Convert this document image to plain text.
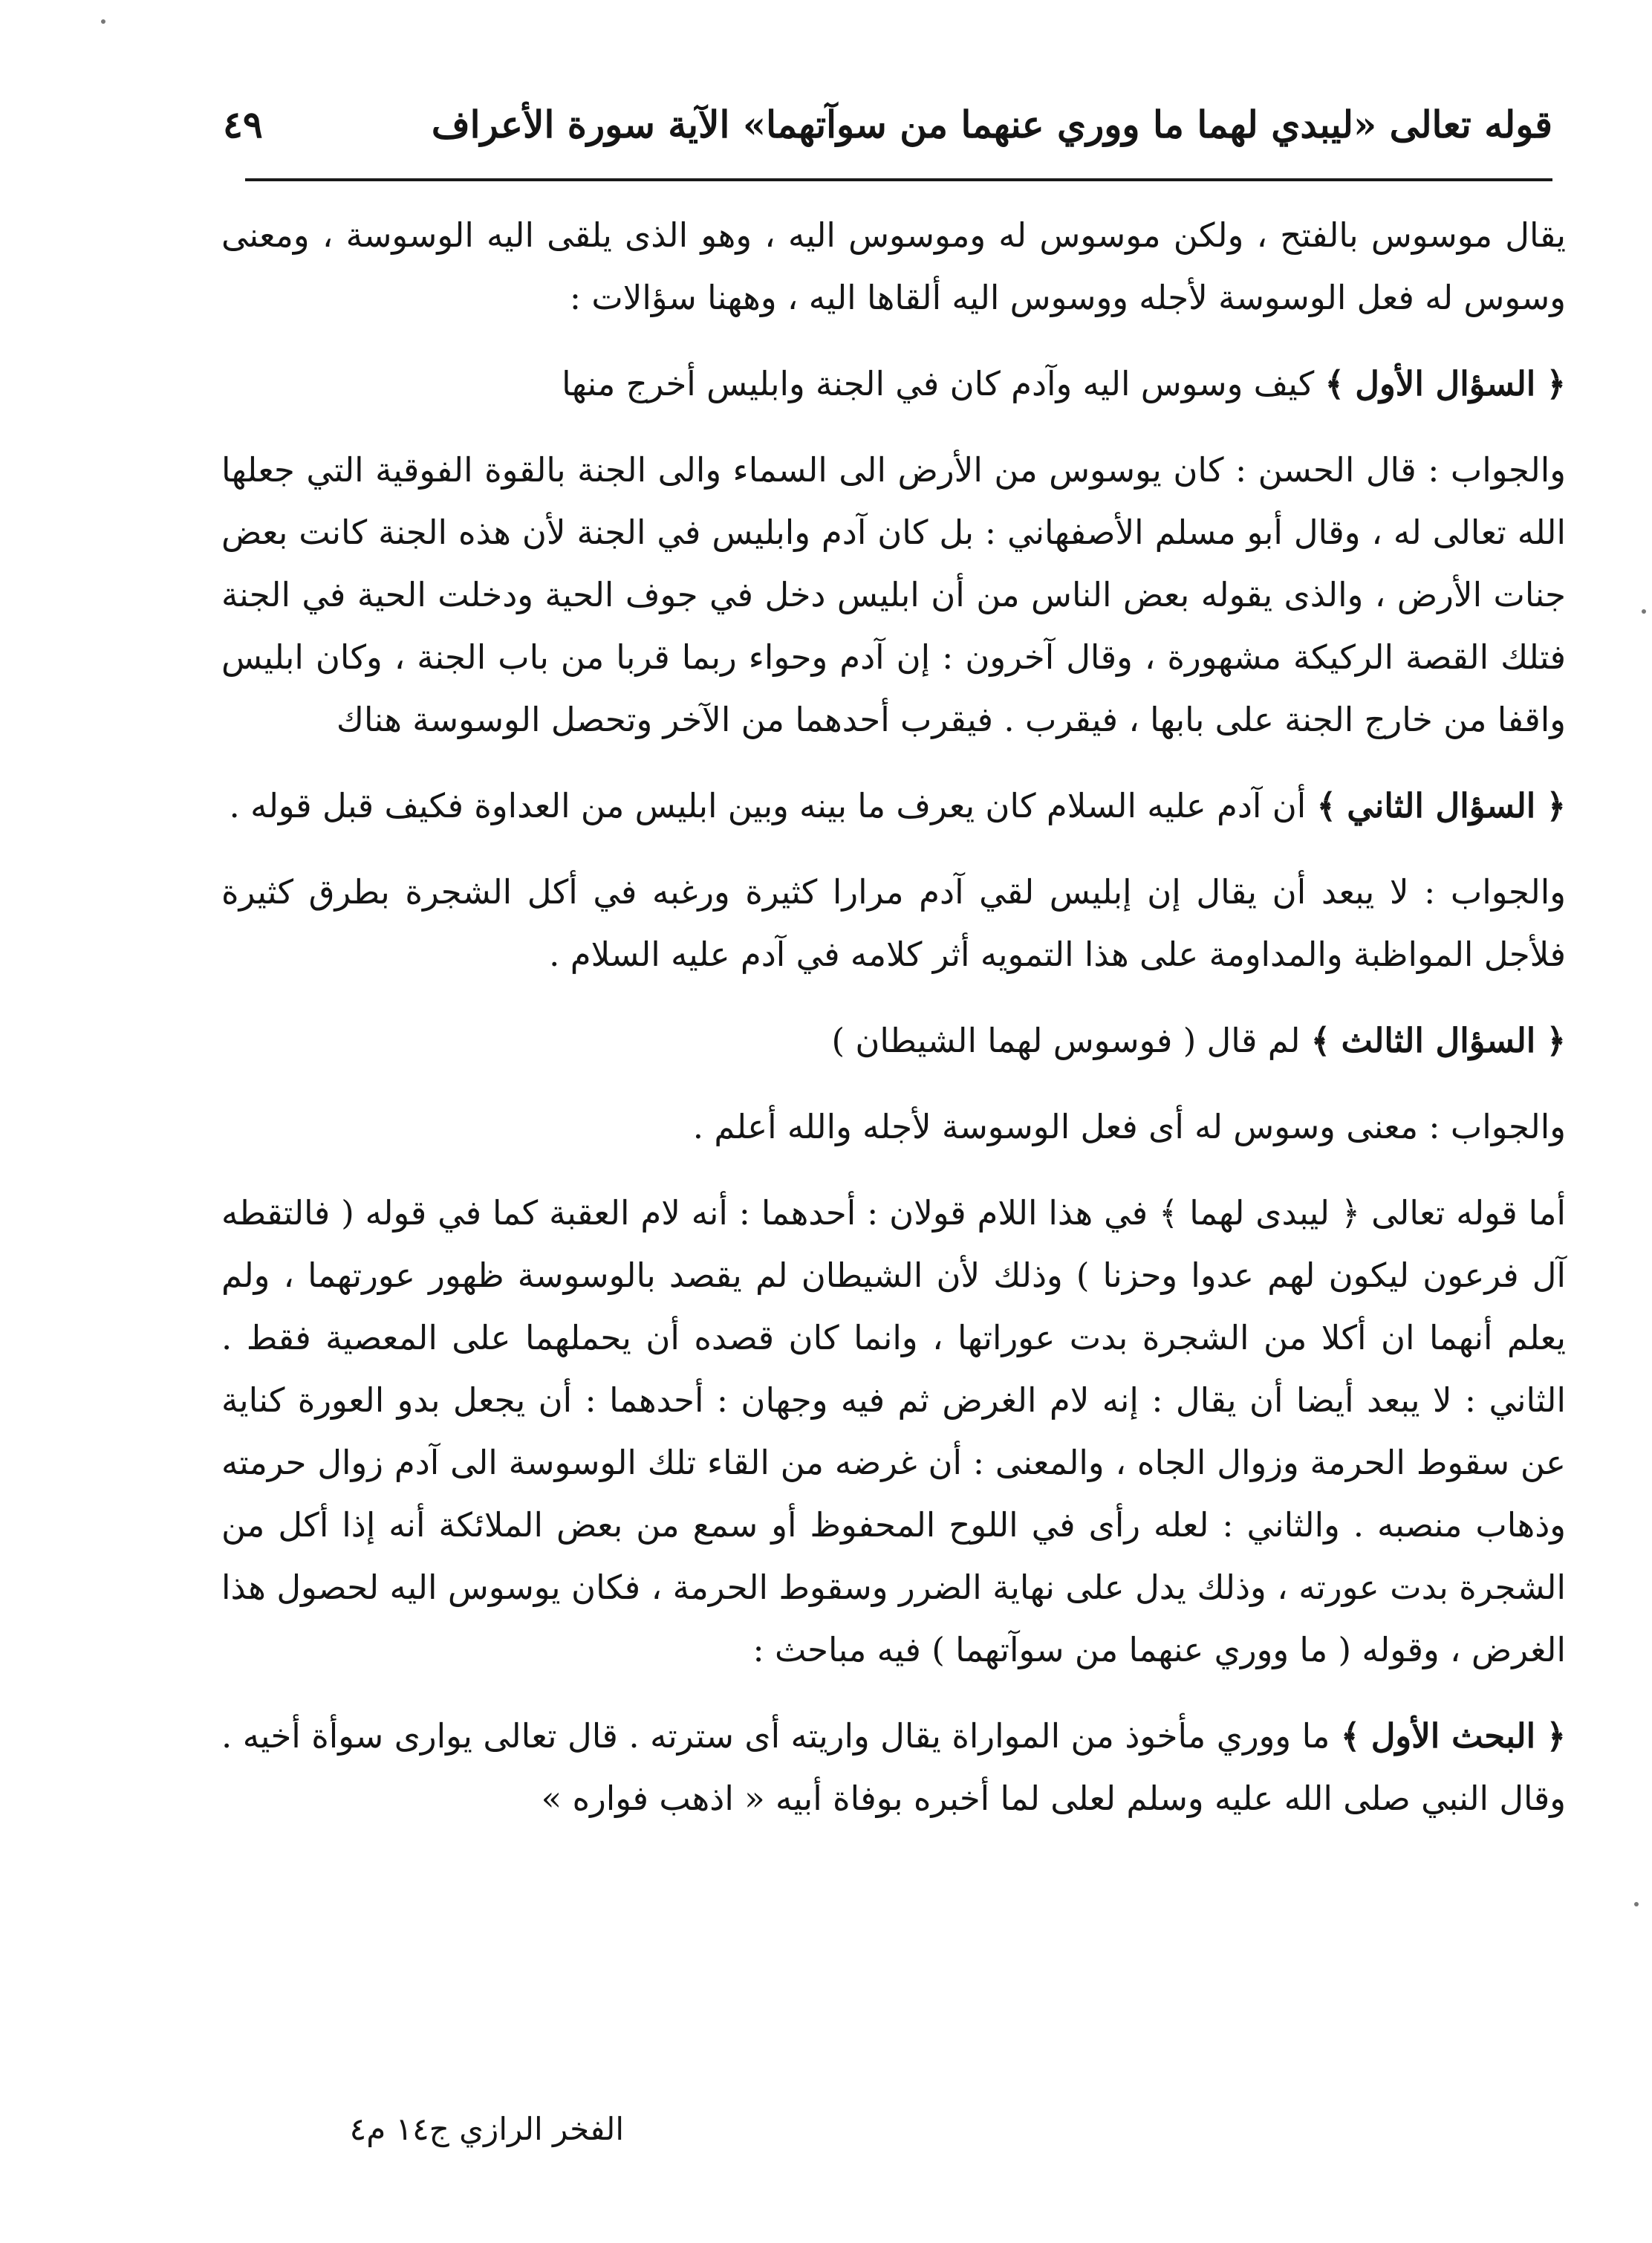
قوله تعالى «ليبدي لهما ما ووري عنهما من سوآتهما» الآية سورة الأعراف
٤٩

يقال موسوس بالفتح ، ولكن موسوس له وموسوس اليه ، وهو الذى يلقى اليه الوسوسة ، ومعنى وسوس له فعل الوسوسة لأجله ووسوس اليه ألقاها اليه ، وههنا سؤالات :

﴿ السؤال الأول ﴾ كيف وسوس اليه وآدم كان في الجنة وابليس أخرج منها

والجواب : قال الحسن : كان يوسوس من الأرض الى السماء والى الجنة بالقوة الفوقية التي جعلها الله تعالى له ، وقال أبو مسلم الأصفهاني : بل كان آدم وابليس في الجنة لأن هذه الجنة كانت بعض جنات الأرض ، والذى يقوله بعض الناس من أن ابليس دخل في جوف الحية ودخلت الحية في الجنة فتلك القصة الركيكة مشهورة ، وقال آخرون : إن آدم وحواء ربما قربا من باب الجنة ، وكان ابليس واقفا من خارج الجنة على بابها ، فيقرب . فيقرب أحدهما من الآخر وتحصل الوسوسة هناك

﴿ السؤال الثاني ﴾ أن آدم عليه السلام كان يعرف ما بينه وبين ابليس من العداوة فكيف قبل قوله .

والجواب : لا يبعد أن يقال إن إبليس لقي آدم مرارا كثيرة ورغبه في أكل الشجرة بطرق كثيرة فلأجل المواظبة والمداومة على هذا التمويه أثر كلامه في آدم عليه السلام .

﴿ السؤال الثالث ﴾ لم قال ( فوسوس لهما الشيطان )

والجواب : معنى وسوس له أى فعل الوسوسة لأجله والله أعلم .

أما قوله تعالى ﴿ ليبدى لهما ﴾ في هذا اللام قولان : أحدهما : أنه لام العقبة كما في قوله ( فالتقطه آل فرعون ليكون لهم عدوا وحزنا ) وذلك لأن الشيطان لم يقصد بالوسوسة ظهور عورتهما ، ولم يعلم أنهما ان أكلا من الشجرة بدت عوراتها ، وانما كان قصده أن يحملهما على المعصية فقط . الثاني : لا يبعد أيضا أن يقال : إنه لام الغرض ثم فيه وجهان : أحدهما : أن يجعل بدو العورة كناية عن سقوط الحرمة وزوال الجاه ، والمعنى : أن غرضه من القاء تلك الوسوسة الى آدم زوال حرمته وذهاب منصبه . والثاني : لعله رأى في اللوح المحفوظ أو سمع من بعض الملائكة أنه إذا أكل من الشجرة بدت عورته ، وذلك يدل على نهاية الضرر وسقوط الحرمة ، فكان يوسوس اليه لحصول هذا الغرض ، وقوله ( ما ووري عنهما من سوآتهما ) فيه مباحث :

﴿ البحث الأول ﴾ ما ووري مأخوذ من المواراة يقال واريته أى سترته . قال تعالى يوارى سوأة أخيه . وقال النبي صلى الله عليه وسلم لعلى لما أخبره بوفاة أبيه « اذهب فواره »

الفخر الرازي ج١٤ م٤
